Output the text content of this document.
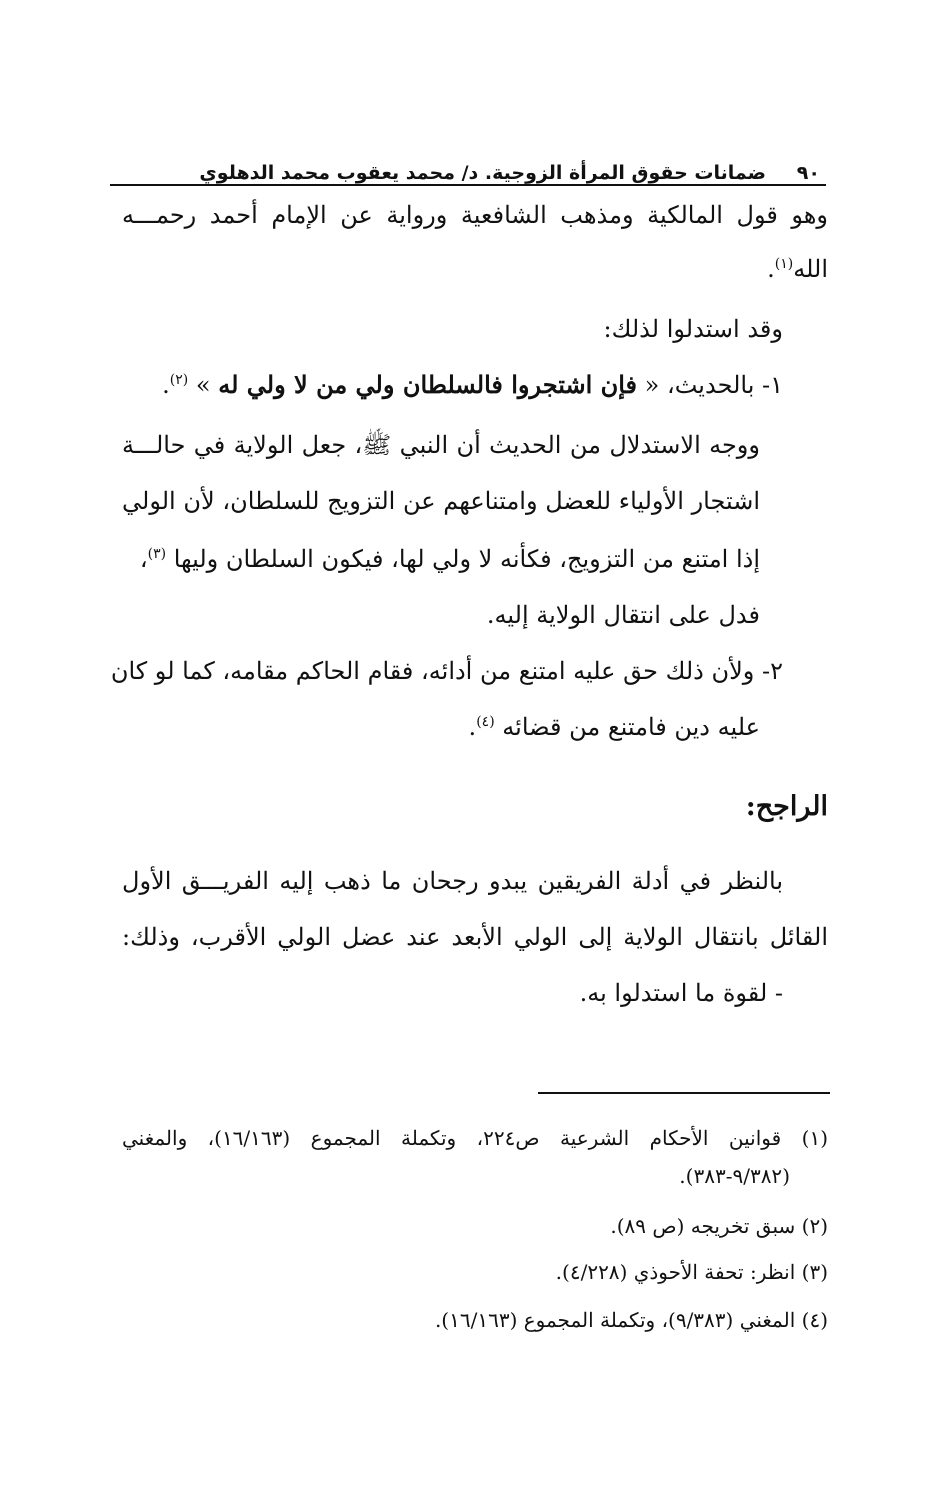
٩٠
ضمانات حقوق المرأة الزوجية. د/ محمد يعقوب محمد الدهلوي
وهو قول المالكية ومذهب الشافعية ورواية عن الإمام أحمد رحمـــه
الله$^{(١)}$.
وقد استدلوا لذلك:
١- بالحديث، « فإن اشتجروا فالسلطان ولي من لا ولي له » $^{(٢)}$.
ووجه الاستدلال من الحديث أن النبي ﷺ، جعل الولاية في حالـــة
اشتجار الأولياء للعضل وامتناعهم عن التزويج للسلطان، لأن الولي
إذا امتنع من التزويج، فكأنه لا ولي لها، فيكون السلطان وليها $^{(٣)}$،
فدل على انتقال الولاية إليه.
٢- ولأن ذلك حق عليه امتنع من أدائه، فقام الحاكم مقامه، كما لو كان
عليه دين فامتنع من قضائه $^{(٤)}$.
الراجح:
بالنظر في أدلة الفريقين يبدو رجحان ما ذهب إليه الفريـــق الأول
القائل بانتقال الولاية إلى الولي الأبعد عند عضل الولي الأقرب، وذلك:
- لقوة ما استدلوا به.
(١) قوانين الأحكام الشرعية ص٢٢٤، وتكملة المجموع (١٦/١٦٣)، والمغني
(٩/٣٨٢-٣٨٣).
(٢) سبق تخريجه (ص ٨٩).
(٣) انظر: تحفة الأحوذي (٤/٢٢٨).
(٤) المغني (٩/٣٨٣)، وتكملة المجموع (١٦/١٦٣).
